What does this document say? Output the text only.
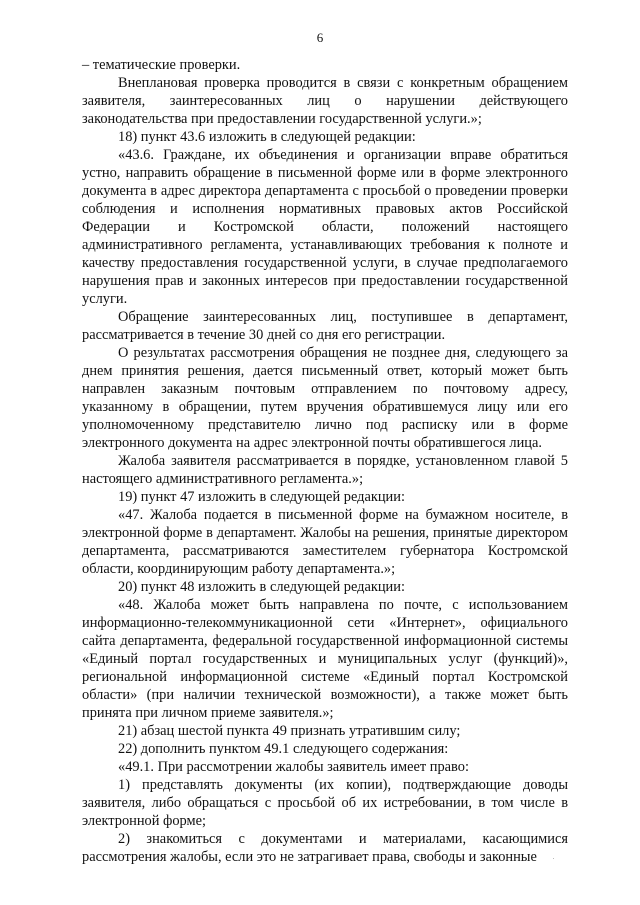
6

– тематические проверки.

Внеплановая проверка проводится в связи с конкретным обращением заявителя, заинтересованных лиц о нарушении действующего законодательства при предоставлении государственной услуги.»;

18) пункт 43.6 изложить в следующей редакции:

«43.6. Граждане, их объединения и организации вправе обратиться устно, направить обращение в письменной форме или в форме электронного документа в адрес директора департамента с просьбой о проведении проверки соблюдения и исполнения нормативных правовых актов Российской Федерации и Костромской области, положений настоящего административного регламента, устанавливающих требования к полноте и качеству предоставления государственной услуги, в случае предполагаемого нарушения прав и законных интересов при предоставлении государственной услуги.

Обращение заинтересованных лиц, поступившее в департамент, рассматривается в течение 30 дней со дня его регистрации.

О результатах рассмотрения обращения не позднее дня, следующего за днем принятия решения, дается письменный ответ, который может быть направлен заказным почтовым отправлением по почтовому адресу, указанному в обращении, путем вручения обратившемуся лицу или его уполномоченному представителю лично под расписку или в форме электронного документа на адрес электронной почты обратившегося лица.

Жалоба заявителя рассматривается в порядке, установленном главой 5 настоящего административного регламента.»;

19) пункт 47 изложить в следующей редакции:

«47. Жалоба подается в письменной форме на бумажном носителе, в электронной форме в департамент. Жалобы на решения, принятые директором департамента, рассматриваются заместителем губернатора Костромской области, координирующим работу департамента.»;

20) пункт 48 изложить в следующей редакции:

«48. Жалоба может быть направлена по почте, с использованием информационно-телекоммуникационной сети «Интернет», официального сайта департамента, федеральной государственной информационной системы «Единый портал государственных и муниципальных услуг (функций)», региональной информационной системе «Единый портал Костромской области» (при наличии технической возможности), а также может быть принята при личном приеме заявителя.»;

21) абзац шестой пункта 49 признать утратившим силу;

22) дополнить пунктом 49.1 следующего содержания:

«49.1. При рассмотрении жалобы заявитель имеет право:

1) представлять документы (их копии), подтверждающие доводы заявителя, либо обращаться с просьбой об их истребовании, в том числе в электронной форме;

2) знакомиться с документами и материалами, касающимися рассмотрения жалобы, если это не затрагивает права, свободы и законные
